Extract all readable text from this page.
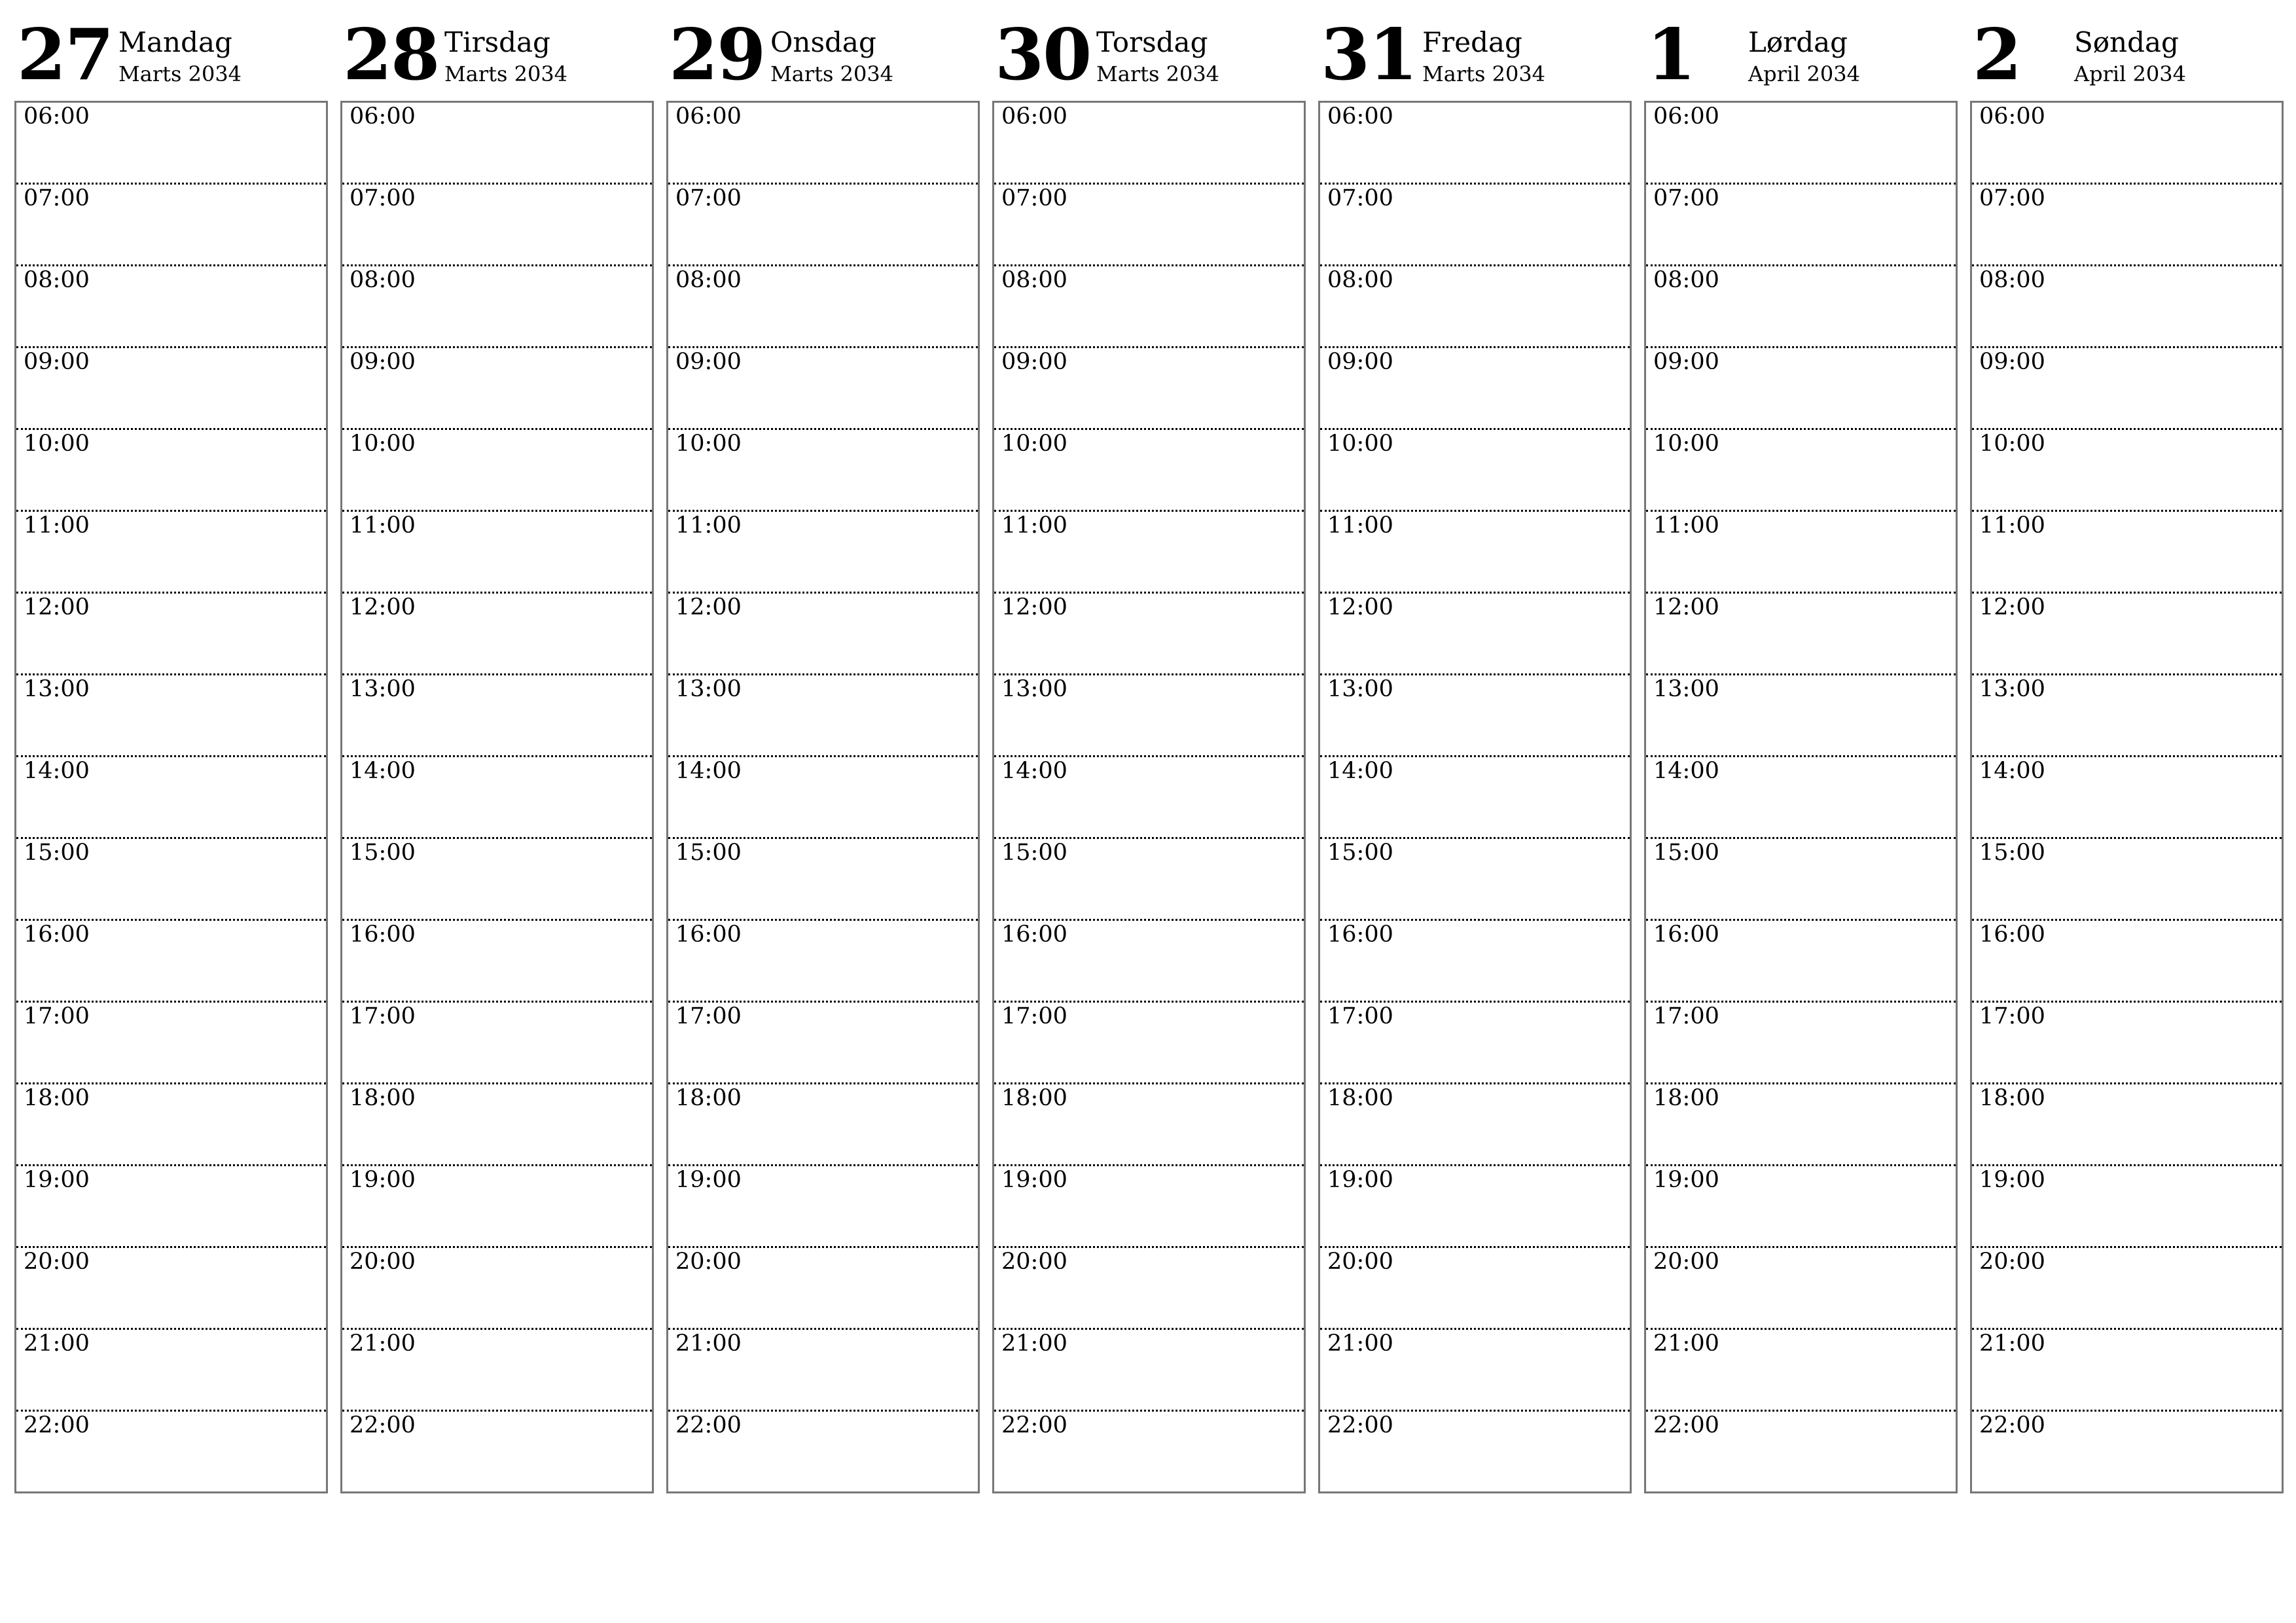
27 Mandag
Marts 2034
06:00
07:00
08:00
09:00
10:00
11:00
12:00
13:00
14:00
15:00
16:00
17:00
18:00
19:00
20:00
21:00
22:00
28 Tirsdag
Marts 2034
06:00
07:00
08:00
09:00
10:00
11:00
12:00
13:00
14:00
15:00
16:00
17:00
18:00
19:00
20:00
21:00
22:00
29 Onsdag
Marts 2034
06:00
07:00
08:00
09:00
10:00
11:00
12:00
13:00
14:00
15:00
16:00
17:00
18:00
19:00
20:00
21:00
22:00
30 Torsdag
Marts 2034
06:00
07:00
08:00
09:00
10:00
11:00
12:00
13:00
14:00
15:00
16:00
17:00
18:00
19:00
20:00
21:00
22:00
31 Fredag
Marts 2034
06:00
07:00
08:00
09:00
10:00
11:00
12:00
13:00
14:00
15:00
16:00
17:00
18:00
19:00
20:00
21:00
22:00
1 Lørdag
April 2034
06:00
07:00
08:00
09:00
10:00
11:00
12:00
13:00
14:00
15:00
16:00
17:00
18:00
19:00
20:00
21:00
22:00
2 Søndag
April 2034
06:00
07:00
08:00
09:00
10:00
11:00
12:00
13:00
14:00
15:00
16:00
17:00
18:00
19:00
20:00
21:00
22:00
